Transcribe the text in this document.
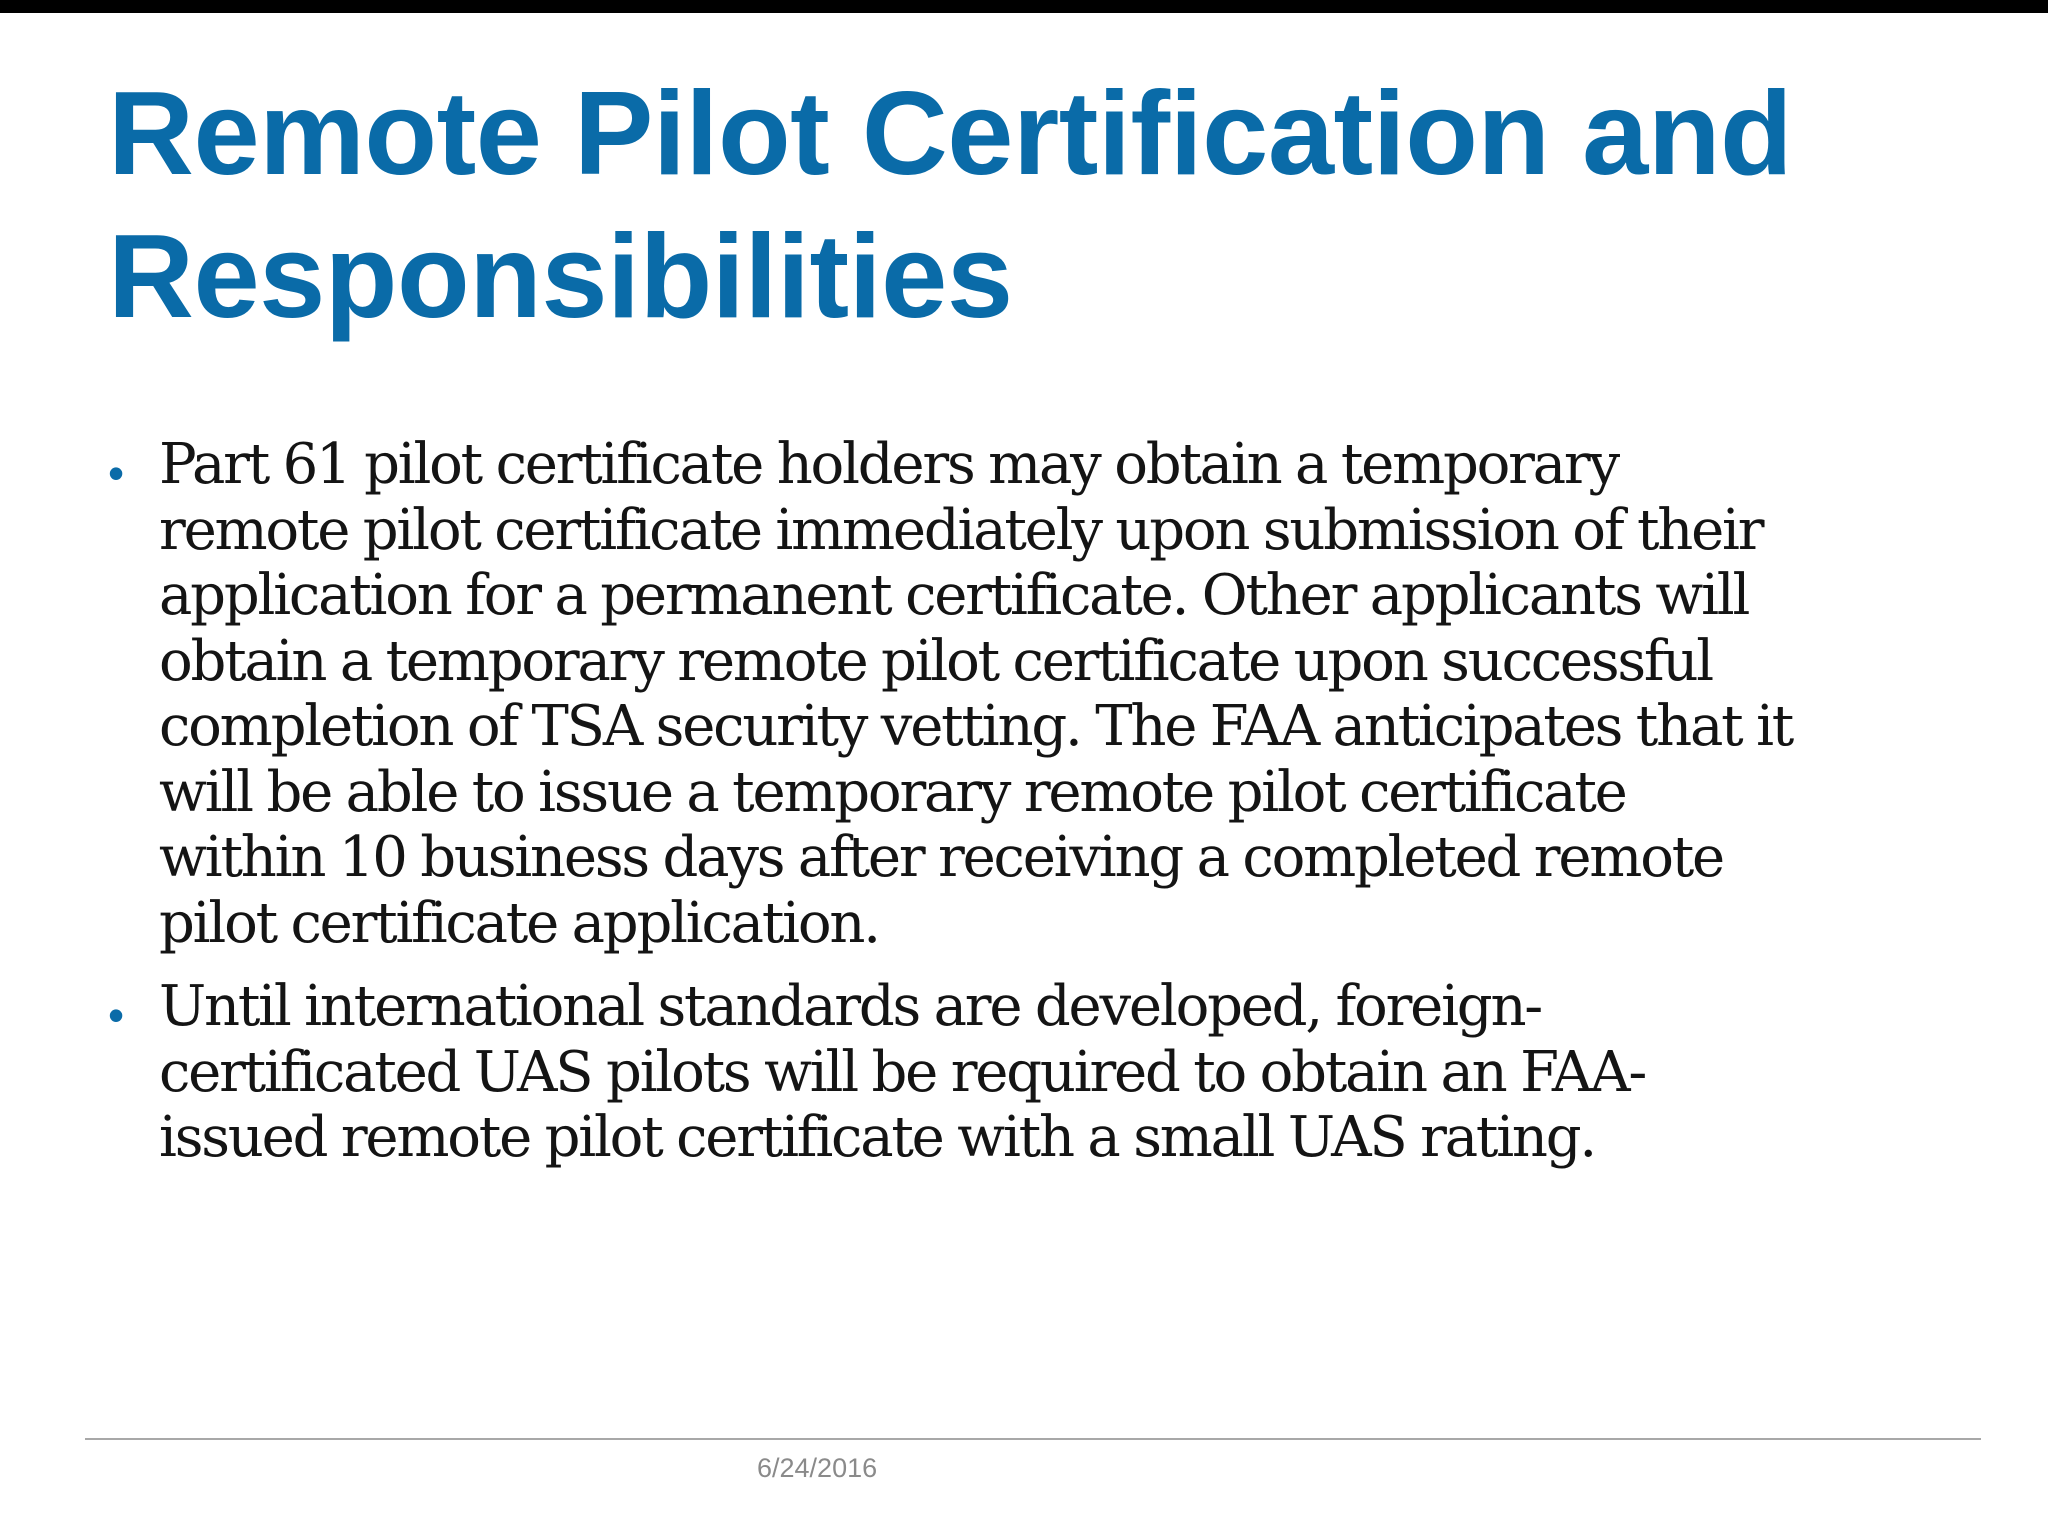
Remote Pilot Certification and
Responsibilities
• Part 61 pilot certificate holders may obtain a temporary
remote pilot certificate immediately upon submission of their
application for a permanent certificate. Other applicants will
obtain a temporary remote pilot certificate upon successful
completion of TSA security vetting. The FAA anticipates that it
will be able to issue a temporary remote pilot certificate
within 10 business days after receiving a completed remote
pilot certificate application.
• Until international standards are developed, foreign-
certificated UAS pilots will be required to obtain an FAA-
issued remote pilot certificate with a small UAS rating.
6/24/2016
